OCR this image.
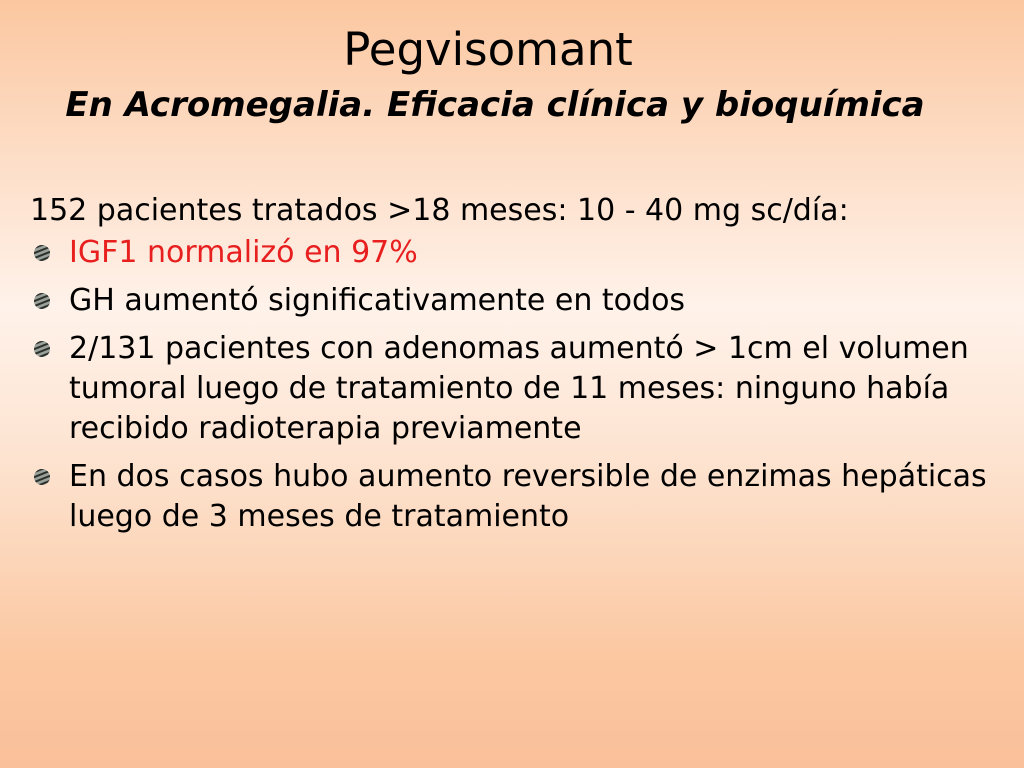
Pegvisomant
En Acromegalia. Eficacia clínica y bioquímica

152 pacientes tratados >18 meses: 10 - 40 mg sc/día:

IGF1 normalizó en 97%
GH aumentó significativamente en todos
2/131 pacientes con adenomas aumentó > 1cm el volumen tumoral luego de tratamiento de 11 meses: ninguno había recibido radioterapia previamente
En dos casos hubo aumento reversible de enzimas hepáticas luego de 3 meses de tratamiento
